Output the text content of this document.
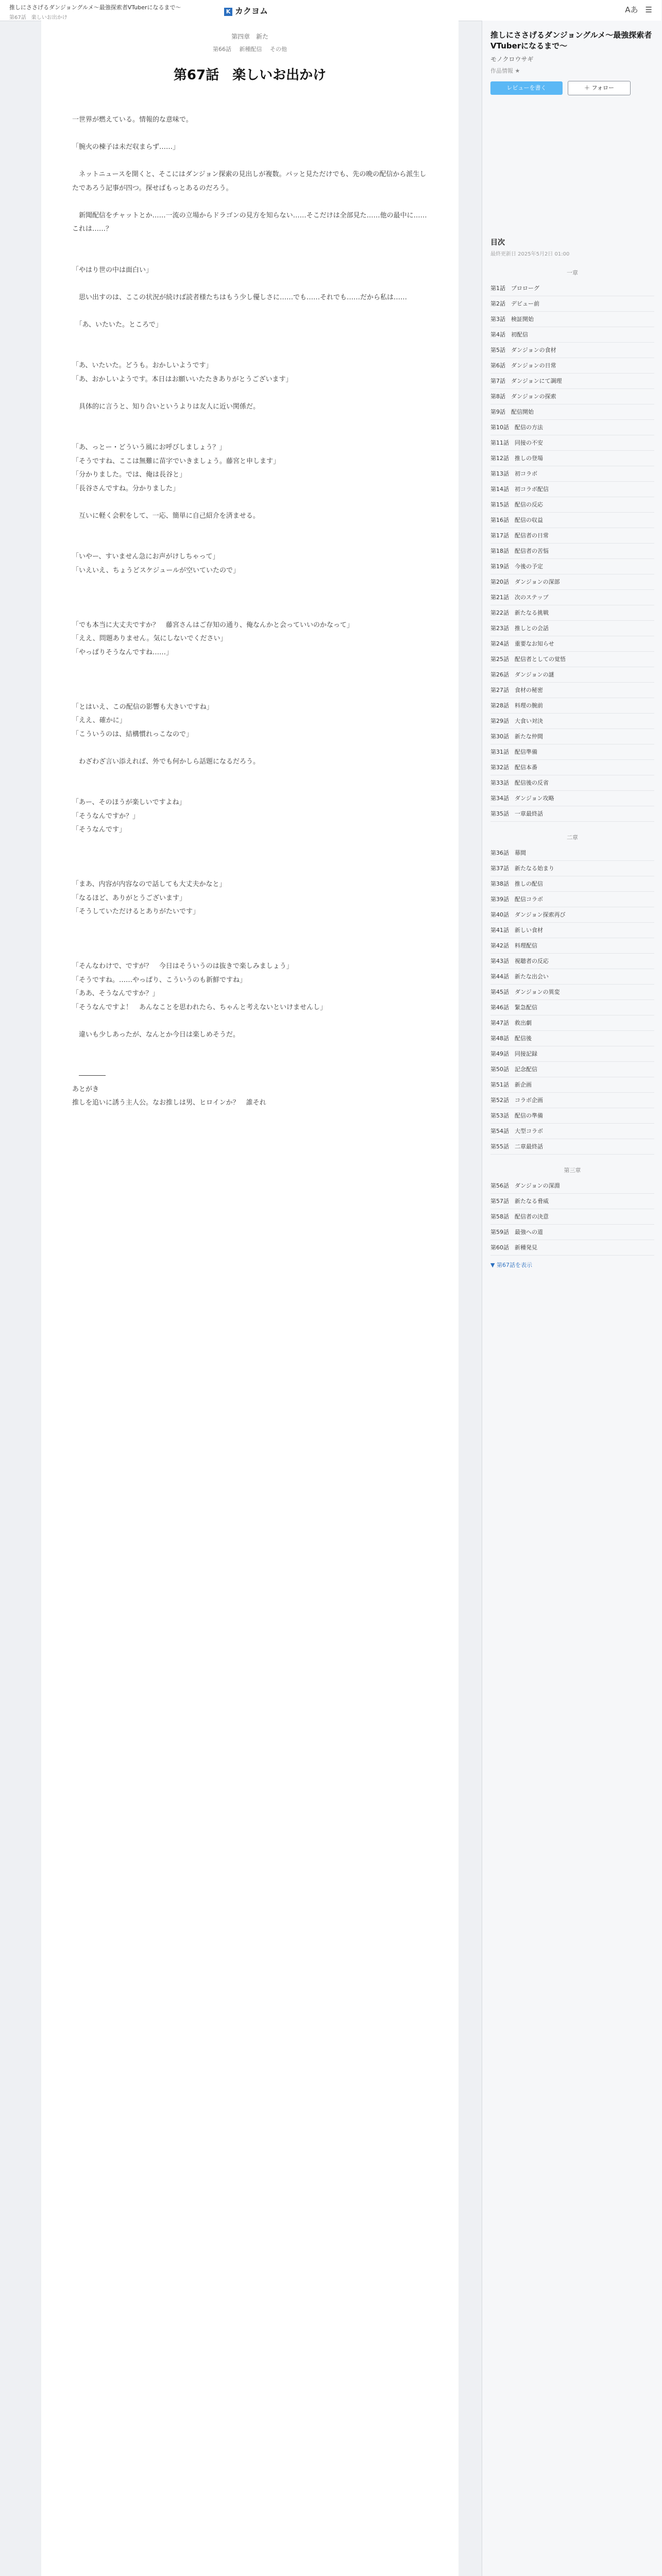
推しにささげるダンジョングルメ～最強探索者VTuberになるまで～
第67話　楽しいお出かけ
K カクヨム	Aあ ☰
第四章　新た
第66話 新種配信 その他
第67話　楽しいお出かけ

一世界が燃えている。情報的な意味で。

「腕火の棟子は未だ収まらず……」

　ネットニュースを開くと、そこにはダンジョン探索の見出しが複数。パッと見ただけでも、先の晩の配信から派生したであろう記事が四つ。探せばもっとあるのだろう。

　新聞配信をチャットとか……一流の立場からドラゴンの見方を知らない……そこだけは全部見た……他の最中に……これは……？

「やはり世の中は面白い」

　思い出すのは、ここの状況が続けば読者様たちはもう少し優しさに……でも……それでも……だから私は……

　「あ、いたいた。ところで」

「あ、いたいた。どうも。おかしいようです」

「あ、おかしいようです。本日はお願いいたたきありがとうございます」

　具体的に言うと、知り合いというよりは友人に近い関係だ。

「あ、っとー・どういう風にお呼びしましょう？」

「そうですね、ここは無難に苗字でいきましょう。藤宮と申します」

「分かりました。では、俺は長谷と」

「長谷さんですね。分かりました」

　互いに軽く会釈をして、一応、簡単に自己紹介を済ませる。

「いやー、すいません急にお声がけしちゃって」

「いえいえ、ちょうどスケジュールが空いていたので」

「でも本当に大丈夫ですか？　藤宮さんはご存知の通り、俺なんかと会っていいのかなって」

「ええ、問題ありません。気にしないでください」

「やっぱりそうなんですね……」

「とはいえ、この配信の影響も大きいですね」

「ええ、確かに」

「こういうのは、結構慣れっこなので」

　わざわざ言い添えれば、外でも何かしら話題になるだろう。

「あー、そのほうが楽しいですよね」

「そうなんですか？」

「そうなんです」

「まあ、内容が内容なので話しても大丈夫かなと」

「なるほど、ありがとうございます」

「そうしていただけるとありがたいです」

「そんなわけで、ですが？　今日はそういうのは抜きで楽しみましょう」

「そうですね。……やっぱり、こういうのも新鮮ですね」

「ああ、そうなんですか？」

「そうなんですよ！　あんなことを思われたら、ちゃんと考えないといけませんし」

　違いも少しあったが、なんとか今日は楽しめそうだ。

　――――

あとがき

推しを追いに誘う主人公。なお推しは男、ヒロインか？　誰それ

推しにささげるダンジョングルメ～最強探索者VTuberになるまで～
モノクロウサギ
作品情報 ★
レビューを書く	＋ フォロー
目次
最終更新日 2025年5月2日 01:00
一章
第1話　プロローグ
第2話　デビュー前
第3話　検証開始
第4話　初配信
第5話　ダンジョンの食材
第6話　ダンジョンの日常
第7話　ダンジョンにて調理
第8話　ダンジョンの探索
第9話　配信開始
第10話　配信の方法
第11話　同接の不安
第12話　推しの登場
第13話　初コラボ
第14話　初コラボ配信
第15話　配信の反応
第16話　配信の収益
第17話　配信者の日常
第18話　配信者の苦悩
第19話　今後の予定
第20話　ダンジョンの深部
第21話　次のステップ
第22話　新たなる挑戦
第23話　推しとの会話
第24話　重要なお知らせ
第25話　配信者としての覚悟
第26話　ダンジョンの謎
第27話　食材の秘密
第28話　料理の腕前
第29話　大食い対決
第30話　新たな仲間
第31話　配信準備
第32話　配信本番
第33話　配信後の反省
第34話　ダンジョン攻略
第35話　一章最終話
二章
第36話　幕間
第37話　新たなる始まり
第38話　推しの配信
第39話　配信コラボ
第40話　ダンジョン探索再び
第41話　新しい食材
第42話　料理配信
第43話　視聴者の反応
第44話　新たな出会い
第45話　ダンジョンの異変
第46話　緊急配信
第47話　救出劇
第48話　配信後
第49話　同接記録
第50話　記念配信
第51話　新企画
第52話　コラボ企画
第53話　配信の準備
第54話　大型コラボ
第55話　二章最終話
第三章
第56話　ダンジョンの深淵
第57話　新たなる脅威
第58話　配信者の決意
第59話　最強への道
第60話　新種発見
▼ 第67話を表示
